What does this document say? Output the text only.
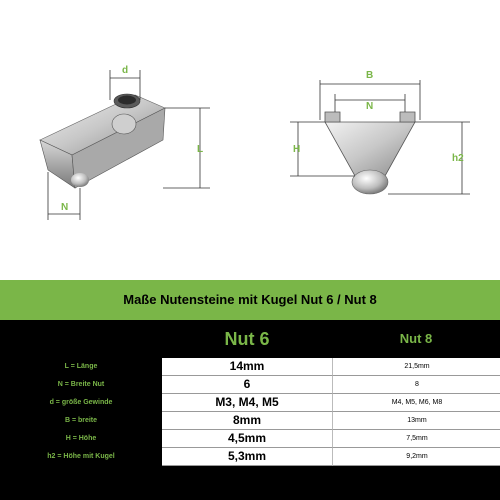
d
L
N
B
N
H
h2
Maße Nutensteine mit Kugel Nut 6 / Nut 8
Nut 6	Nut 8
L = Länge	14mm	21,5mm
N = Breite Nut	6	8
d = größe Gewinde	M3, M4, M5	M4, M5, M6, M8
B = breite	8mm	13mm
H = Höhe	4,5mm	7,5mm
h2 = Höhe mit Kugel	5,3mm	9,2mm
